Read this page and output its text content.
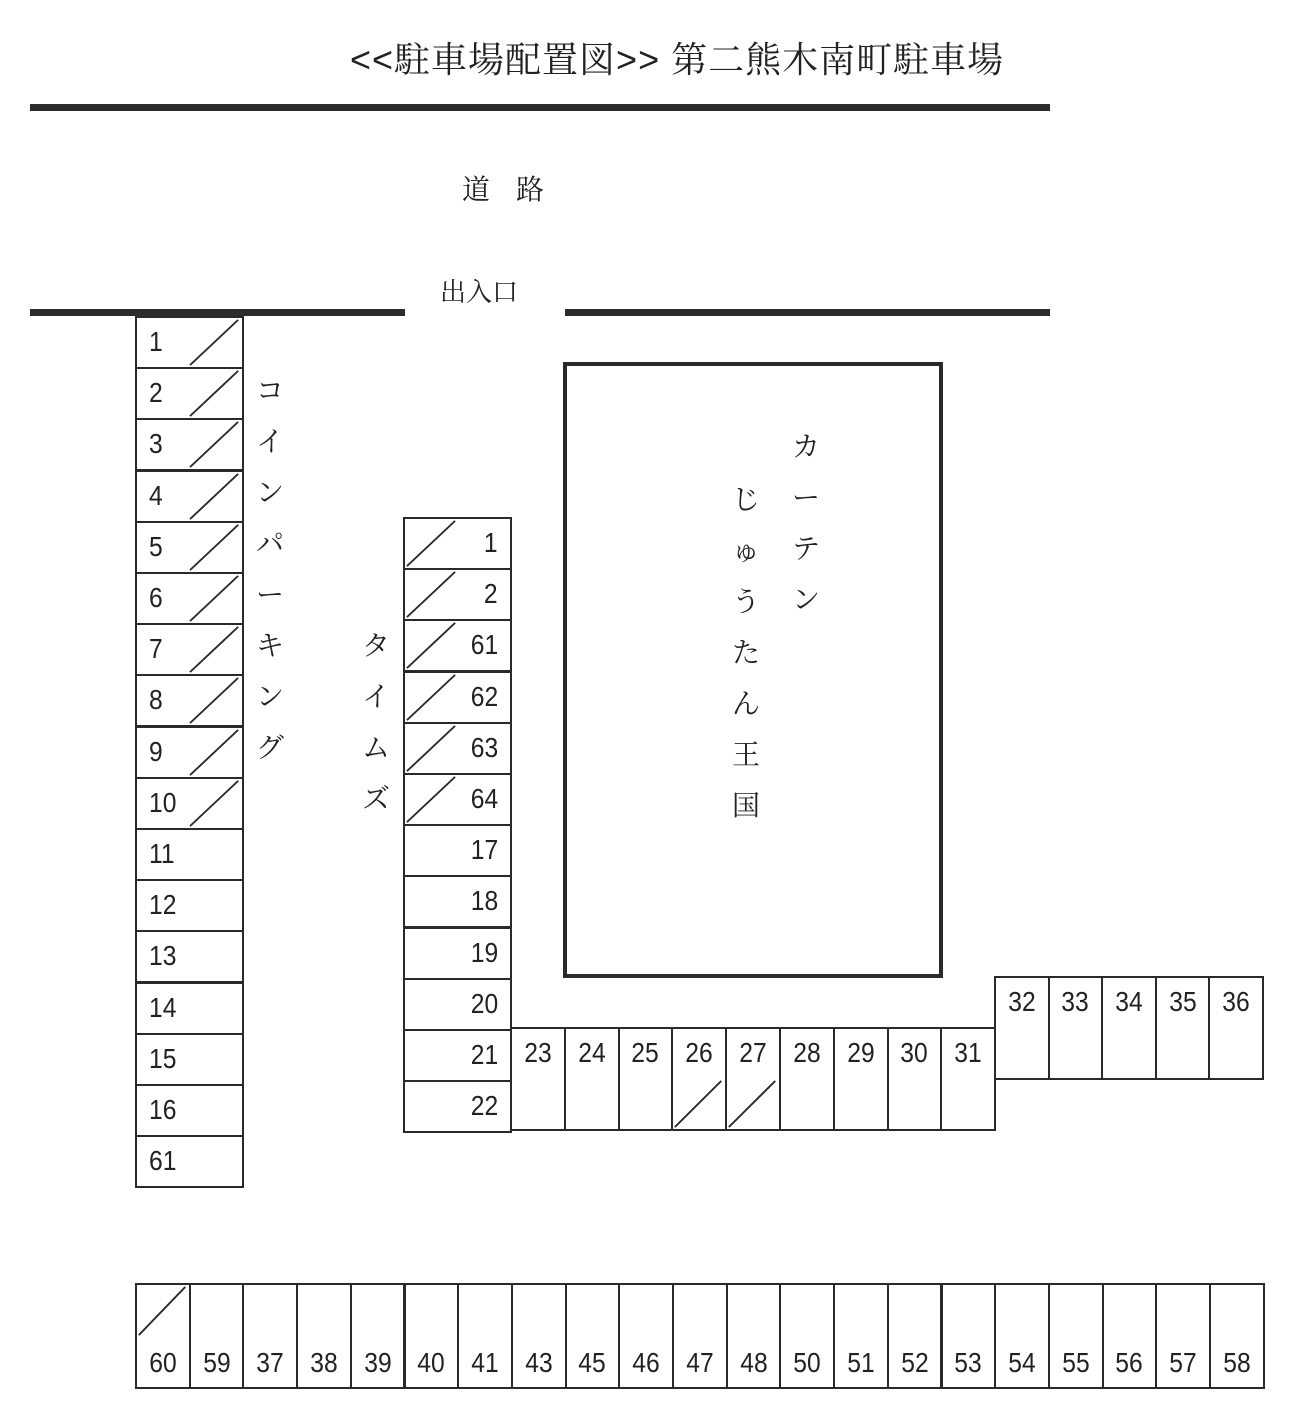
<<駐車場配置図>> 第二熊木南町駐車場
道路
出入口
1
2
3
4
5
6
7
8
9
10
11
12
13
14
15
16
61
コ
イ
ン
パ
ー
キ
ン
グ
1
2
61
62
63
64
17
18
19
20
21
22
タ
イ
ム
ズ
カ
ー
テ
ン
じ
ゅ
う
た
ん
王
国
23 24 25 26 27 28 29 30 31
32 33 34 35 36
60 59 37 38 39 40 41 43 45 46 47 48 50 51 52 53 54 55 56 57 58
